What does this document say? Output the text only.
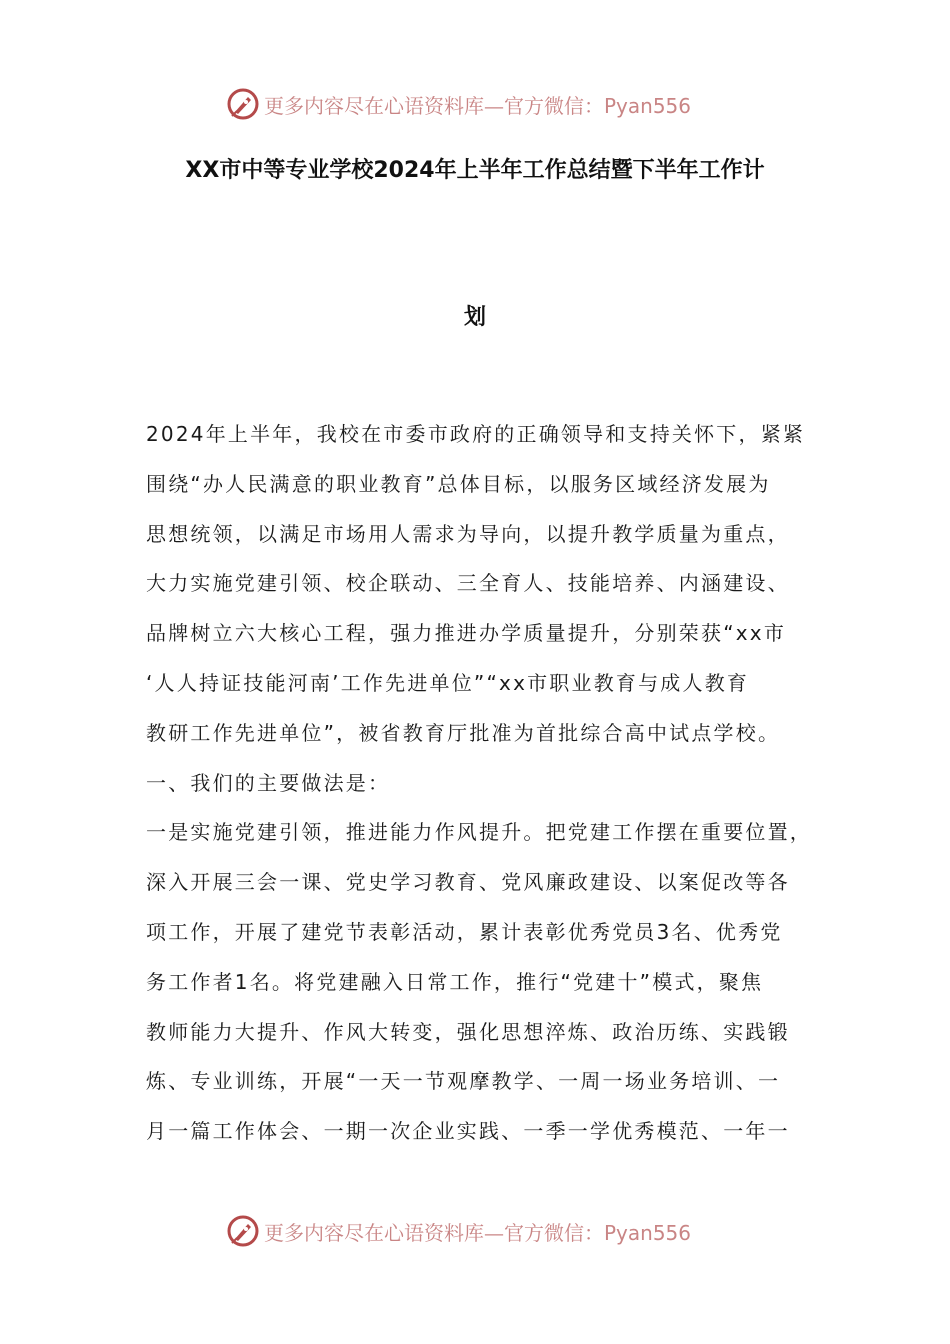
更多内容尽在心语资料库—官方微信：Pyan556
XX市中等专业学校2024年上半年工作总结暨下半年工作计
划
2024年上半年，我校在市委市政府的正确领导和支持关怀下，紧紧
围绕“办人民满意的职业教育”总体目标，以服务区域经济发展为
思想统领，以满足市场用人需求为导向，以提升教学质量为重点，
大力实施党建引领、校企联动、三全育人、技能培养、内涵建设、
品牌树立六大核心工程，强力推进办学质量提升，分别荣获“xx市
‘人人持证技能河南’工作先进单位”“xx市职业教育与成人教育
教研工作先进单位”，被省教育厅批准为首批综合高中试点学校。
一、我们的主要做法是：
一是实施党建引领，推进能力作风提升。把党建工作摆在重要位置，
深入开展三会一课、党史学习教育、党风廉政建设、以案促改等各
项工作，开展了建党节表彰活动，累计表彰优秀党员3名、优秀党
务工作者1名。将党建融入日常工作，推行“党建十”模式，聚焦
教师能力大提升、作风大转变，强化思想淬炼、政治历练、实践锻
炼、专业训练，开展“一天一节观摩教学、一周一场业务培训、一
月一篇工作体会、一期一次企业实践、一季一学优秀模范、一年一
更多内容尽在心语资料库—官方微信：Pyan556
